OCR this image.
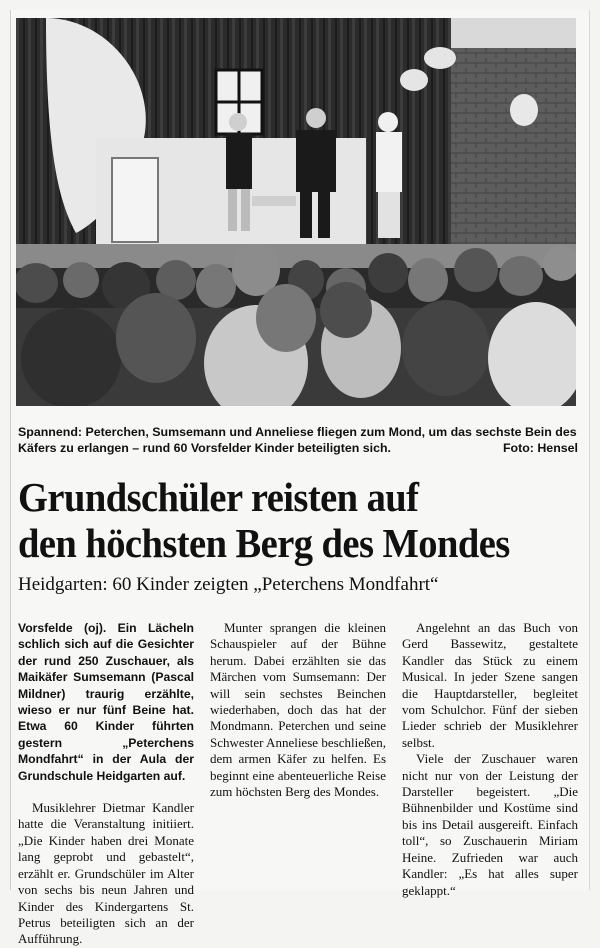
Spannend: Peterchen, Sumsemann und Anneliese fliegen zum Mond, um das sechste Bein des Käfers zu erlangen – rund 60 Vorsfelder Kinder beteiligten sich.	Foto: Hensel
Grundschüler reisten auf
den höchsten Berg des Mondes
Heidgarten: 60 Kinder zeigten „Peterchens Mondfahrt“

Vorsfelde (oj). Ein Lächeln schlich sich auf die Gesichter der rund 250 Zuschauer, als Maikäfer Sumsemann (Pascal Mildner) traurig erzählte, wieso er nur fünf Beine hat. Etwa 60 Kinder führten gestern „Peterchens Mondfahrt“ in der Aula der Grundschule Heidgarten auf.

Musiklehrer Dietmar Kandler hatte die Veranstaltung initiiert. „Die Kinder haben drei Monate lang geprobt und gebastelt“, erzählt er. Grundschüler im Alter von sechs bis neun Jahren und Kinder des Kindergartens St. Petrus beteiligten sich an der Aufführung.

Munter sprangen die kleinen Schauspieler auf der Bühne herum. Dabei erzählten sie das Märchen vom Sumsemann: Der will sein sechstes Beinchen wiederhaben, doch das hat der Mondmann. Peterchen und seine Schwester Anneliese beschließen, dem armen Käfer zu helfen. Es beginnt eine abenteuerliche Reise zum höchsten Berg des Mondes.

Angelehnt an das Buch von Gerd Bassewitz, gestaltete Kandler das Stück zu einem Musical. In jeder Szene sangen die Hauptdarsteller, begleitet vom Schulchor. Fünf der sieben Lieder schrieb der Musiklehrer selbst.

Viele der Zuschauer waren nicht nur von der Leistung der Darsteller begeistert. „Die Bühnenbilder und Kostüme sind bis ins Detail ausgereift. Einfach toll“, so Zuschauerin Miriam Heine. Zufrieden war auch Kandler: „Es hat alles super geklappt.“
